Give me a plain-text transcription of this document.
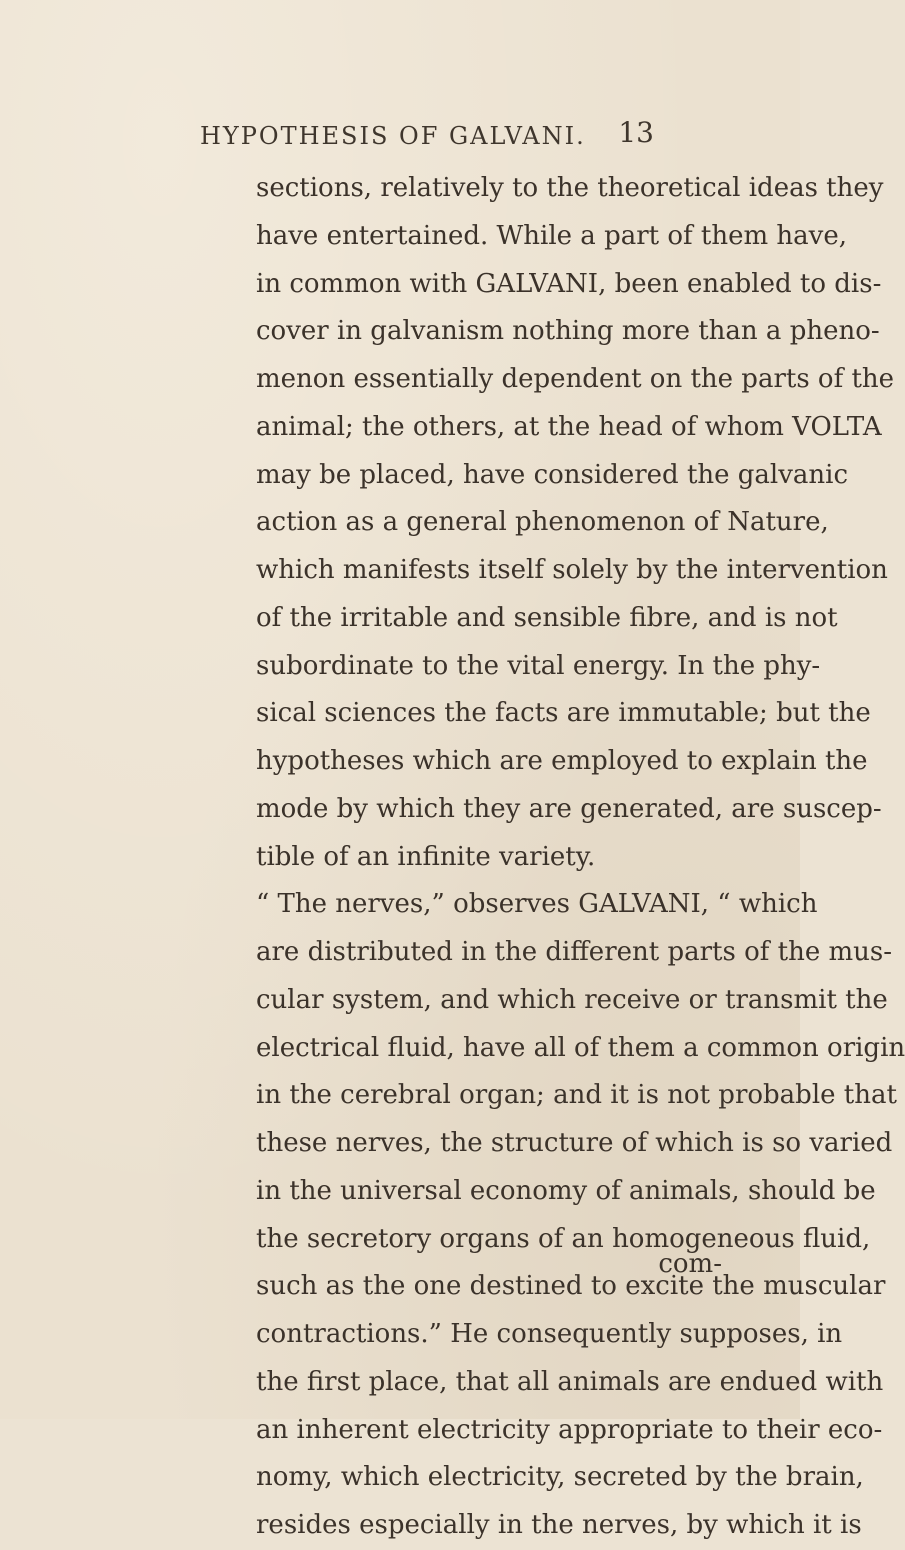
HYPOTHESIS OF GALVANI. 13
sections, relatively to the theoretical ideas they
have entertained. While a part of them have,
in common with GALVANI, been enabled to dis-
cover in galvanism nothing more than a pheno-
menon essentially dependent on the parts of the
animal; the others, at the head of whom VOLTA
may be placed, have considered the galvanic
action as a general phenomenon of Nature,
which manifests itself solely by the intervention
of the irritable and sensible fibre, and is not
subordinate to the vital energy. In the phy-
sical sciences the facts are immutable; but the
hypotheses which are employed to explain the
mode by which they are generated, are suscep-
tible of an infinite variety.
“ The nerves,” observes GALVANI, “ which
are distributed in the different parts of the mus-
cular system, and which receive or transmit the
electrical fluid, have all of them a common origin
in the cerebral organ; and it is not probable that
these nerves, the structure of which is so varied
in the universal economy of animals, should be
the secretory organs of an homogeneous fluid,
such as the one destined to excite the muscular
contractions.” He consequently supposes, in
the first place, that all animals are endued with
an inherent electricity appropriate to their eco-
nomy, which electricity, secreted by the brain,
resides especially in the nerves, by which it is
com-
